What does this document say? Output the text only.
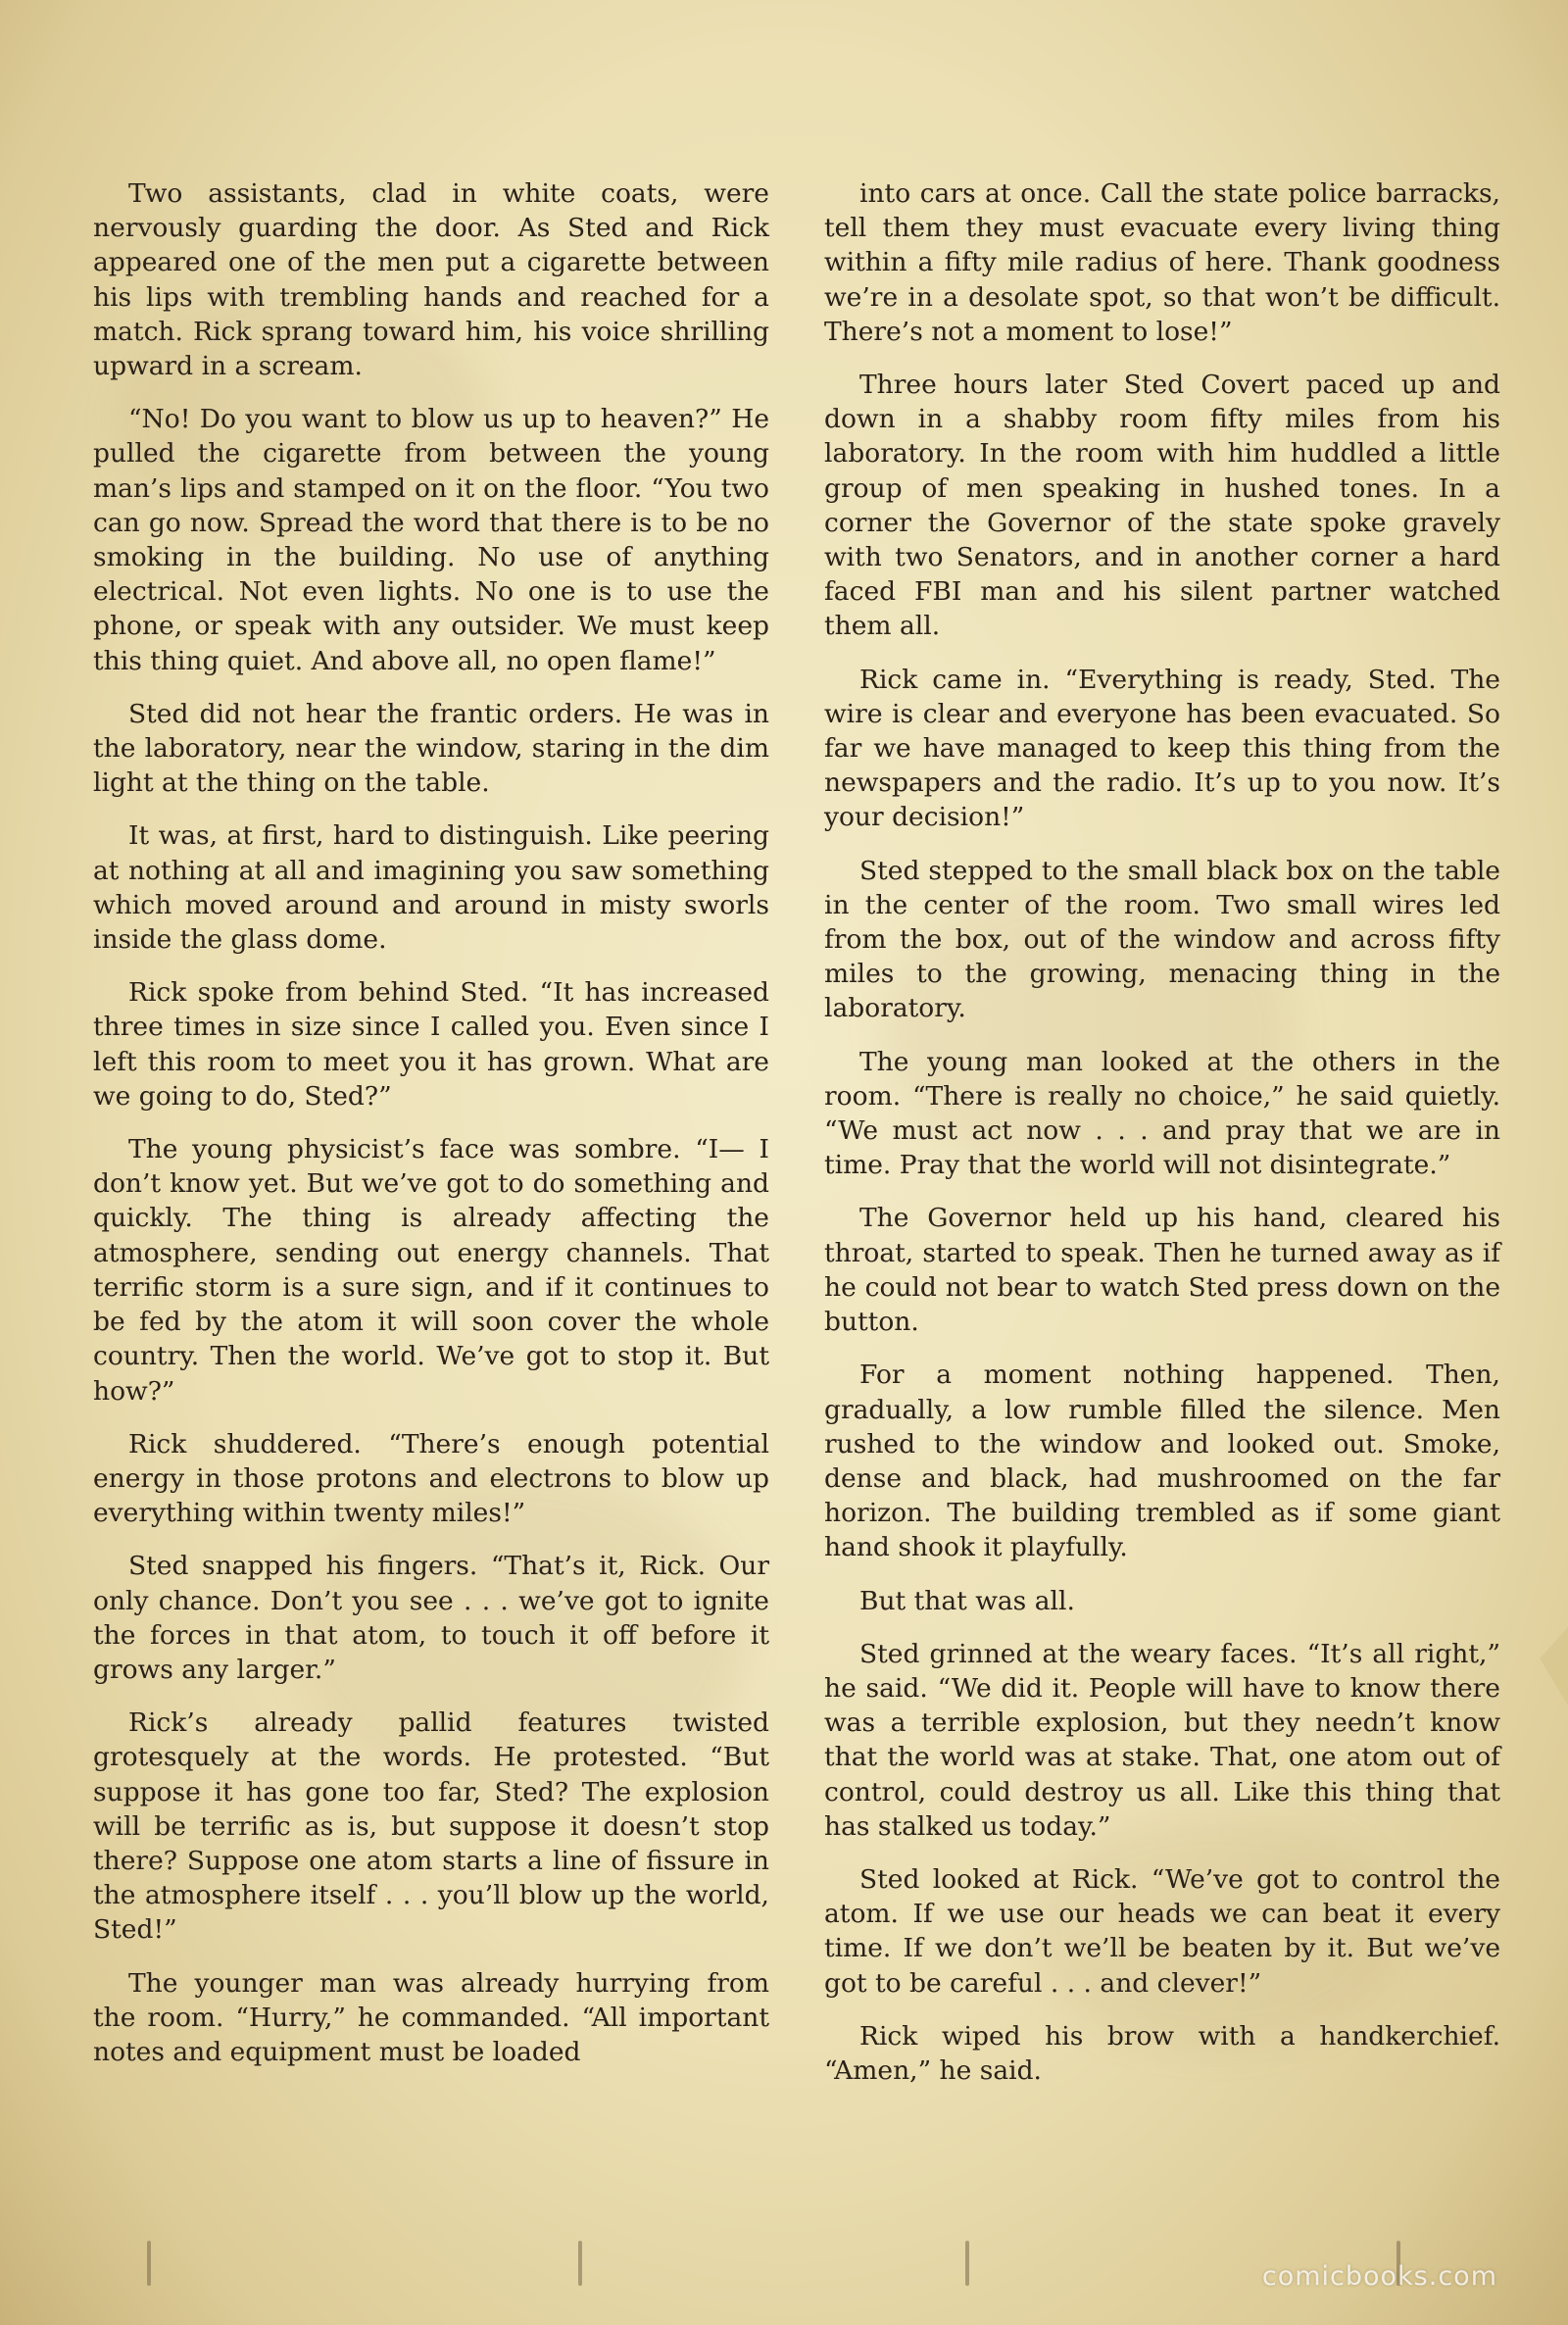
Two assistants, clad in white coats, were nervously guarding the door. As Sted and Rick appeared one of the men put a cigarette between his lips with trembling hands and reached for a match. Rick sprang toward him, his voice shrilling upward in a scream.

“No! Do you want to blow us up to heaven?” He pulled the cigarette from between the young man’s lips and stamped on it on the floor. “You two can go now. Spread the word that there is to be no smoking in the building. No use of anything electrical. Not even lights. No one is to use the phone, or speak with any outsider. We must keep this thing quiet. And above all, no open flame!”

Sted did not hear the frantic orders. He was in the laboratory, near the window, staring in the dim light at the thing on the table.

It was, at first, hard to distinguish. Like peering at nothing at all and imagining you saw something which moved around and around in misty sworls inside the glass dome.

Rick spoke from behind Sted. “It has increased three times in size since I called you. Even since I left this room to meet you it has grown. What are we going to do, Sted?”

The young physicist’s face was sombre. “I— I don’t know yet. But we’ve got to do something and quickly. The thing is already affecting the atmosphere, sending out energy channels. That terrific storm is a sure sign, and if it continues to be fed by the atom it will soon cover the whole country. Then the world. We’ve got to stop it. But how?”

Rick shuddered. “There’s enough potential energy in those protons and electrons to blow up everything within twenty miles!”

Sted snapped his fingers. “That’s it, Rick. Our only chance. Don’t you see . . . we’ve got to ignite the forces in that atom, to touch it off before it grows any larger.”

Rick’s already pallid features twisted grotesquely at the words. He protested. “But suppose it has gone too far, Sted? The explosion will be terrific as is, but suppose it doesn’t stop there? Suppose one atom starts a line of fissure in the atmosphere itself . . . you’ll blow up the world, Sted!”

The younger man was already hurrying from the room. “Hurry,” he commanded. “All important notes and equipment must be loaded

into cars at once. Call the state police barracks, tell them they must evacuate every living thing within a fifty mile radius of here. Thank goodness we’re in a desolate spot, so that won’t be difficult. There’s not a moment to lose!”

Three hours later Sted Covert paced up and down in a shabby room fifty miles from his laboratory. In the room with him huddled a little group of men speaking in hushed tones. In a corner the Governor of the state spoke gravely with two Senators, and in another corner a hard faced FBI man and his silent partner watched them all.

Rick came in. “Everything is ready, Sted. The wire is clear and everyone has been evacuated. So far we have managed to keep this thing from the newspapers and the radio. It’s up to you now. It’s your decision!”

Sted stepped to the small black box on the table in the center of the room. Two small wires led from the box, out of the window and across fifty miles to the growing, menacing thing in the laboratory.

The young man looked at the others in the room. “There is really no choice,” he said quietly. “We must act now . . . and pray that we are in time. Pray that the world will not disintegrate.”

The Governor held up his hand, cleared his throat, started to speak. Then he turned away as if he could not bear to watch Sted press down on the button.

For a moment nothing happened. Then, gradually, a low rumble filled the silence. Men rushed to the window and looked out. Smoke, dense and black, had mushroomed on the far horizon. The building trembled as if some giant hand shook it playfully.

But that was all.

Sted grinned at the weary faces. “It’s all right,” he said. “We did it. People will have to know there was a terrible explosion, but they needn’t know that the world was at stake. That, one atom out of control, could destroy us all. Like this thing that has stalked us today.”

Sted looked at Rick. “We’ve got to control the atom. If we use our heads we can beat it every time. If we don’t we’ll be beaten by it. But we’ve got to be careful . . . and clever!”

Rick wiped his brow with a handkerchief. “Amen,” he said.

comicbooks.com
